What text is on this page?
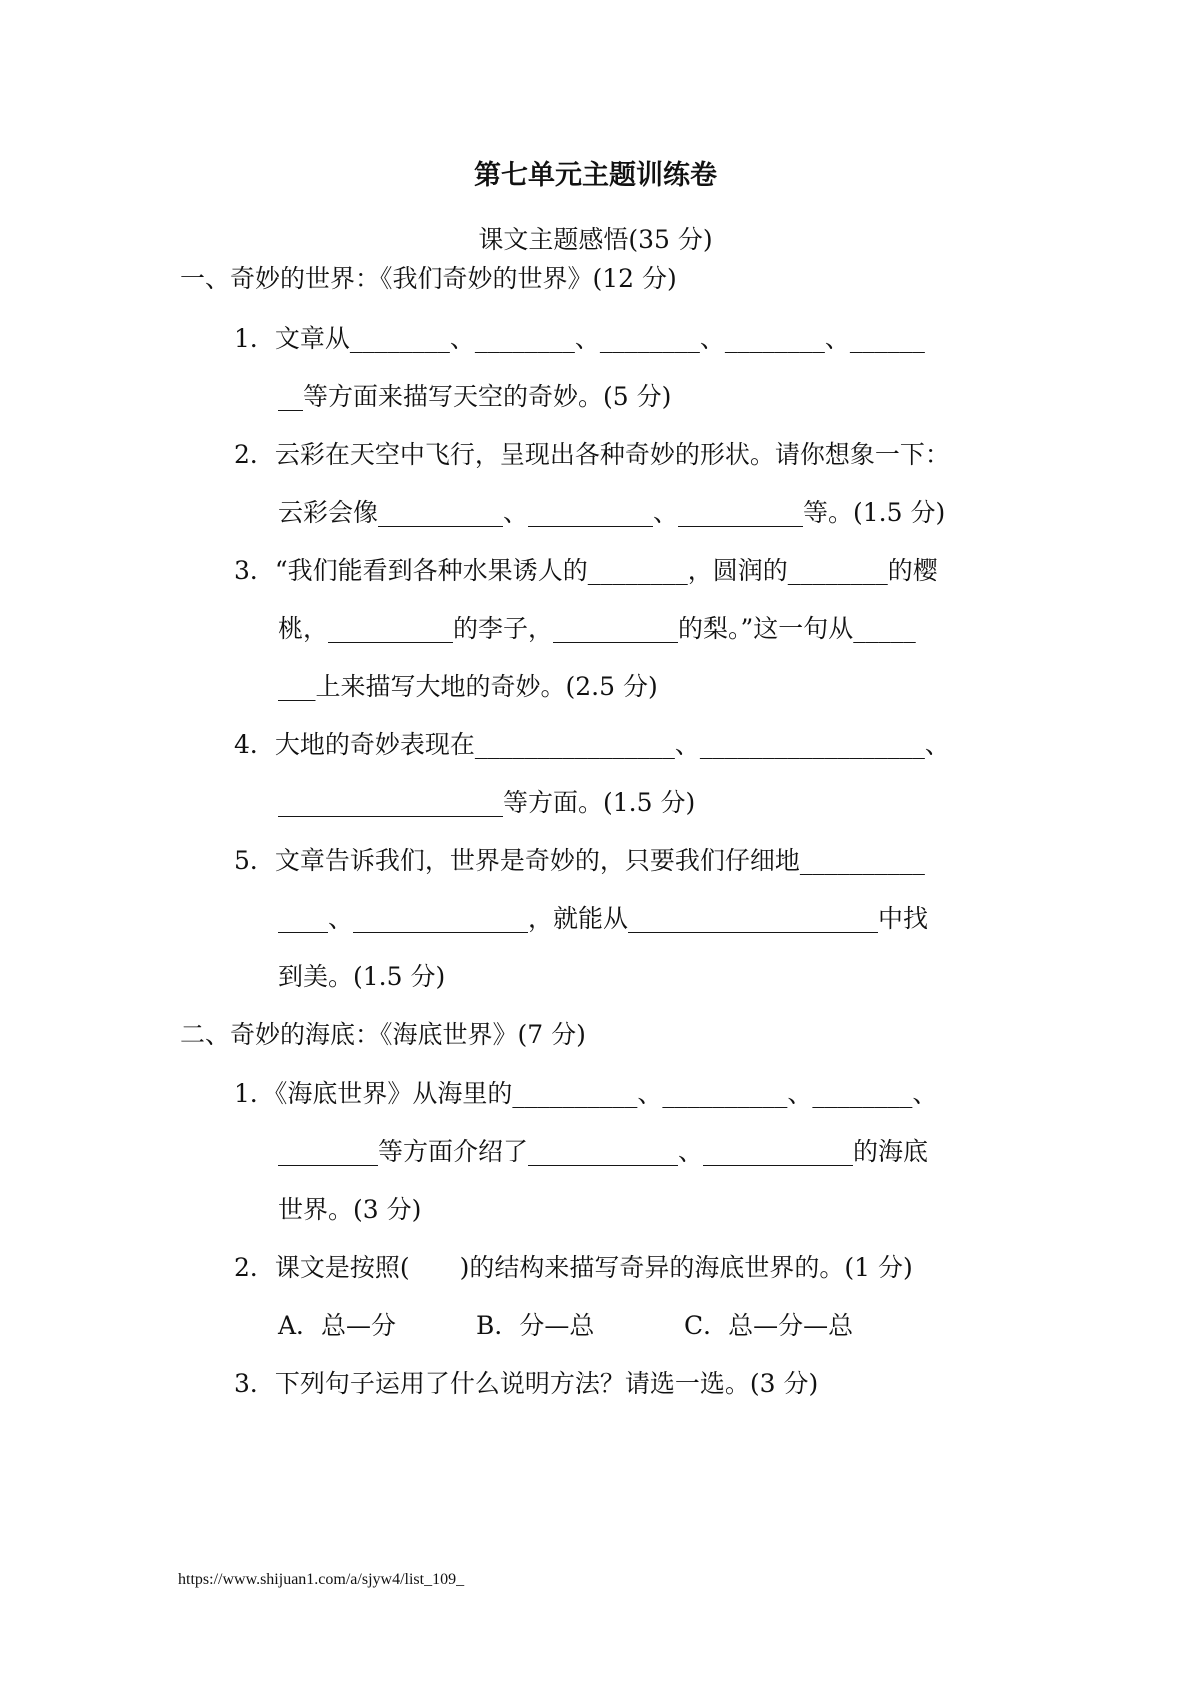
第七单元主题训练卷
课文主题感悟(35 分)
一、奇妙的世界：《我们奇妙的世界》(12 分)
1．文章从________、________、________、________、______
__等方面来描写天空的奇妙。(5 分)
2．云彩在天空中飞行，呈现出各种奇妙的形状。请你想象一下：
云彩会像__________、__________、__________等。(1.5 分)
3．“我们能看到各种水果诱人的________，圆润的________的樱
桃，__________的李子，__________的梨。”这一句从_____
___上来描写大地的奇妙。(2.5 分)
4．大地的奇妙表现在________________、__________________、
__________________等方面。(1.5 分)
5．文章告诉我们，世界是奇妙的，只要我们仔细地__________
____、______________，就能从____________________中找
到美。(1.5 分)
二、奇妙的海底：《海底世界》(7 分)
1．《海底世界》从海里的__________、__________、________、
________等方面介绍了____________、____________的海底
世界。(3 分)
2．课文是按照(　　)的结构来描写奇异的海底世界的。(1 分)
A．总—分	B．分—总	C．总—分—总
3．下列句子运用了什么说明方法？请选一选。(3 分)
https://www.shijuan1.com/a/sjyw4/list_109_
